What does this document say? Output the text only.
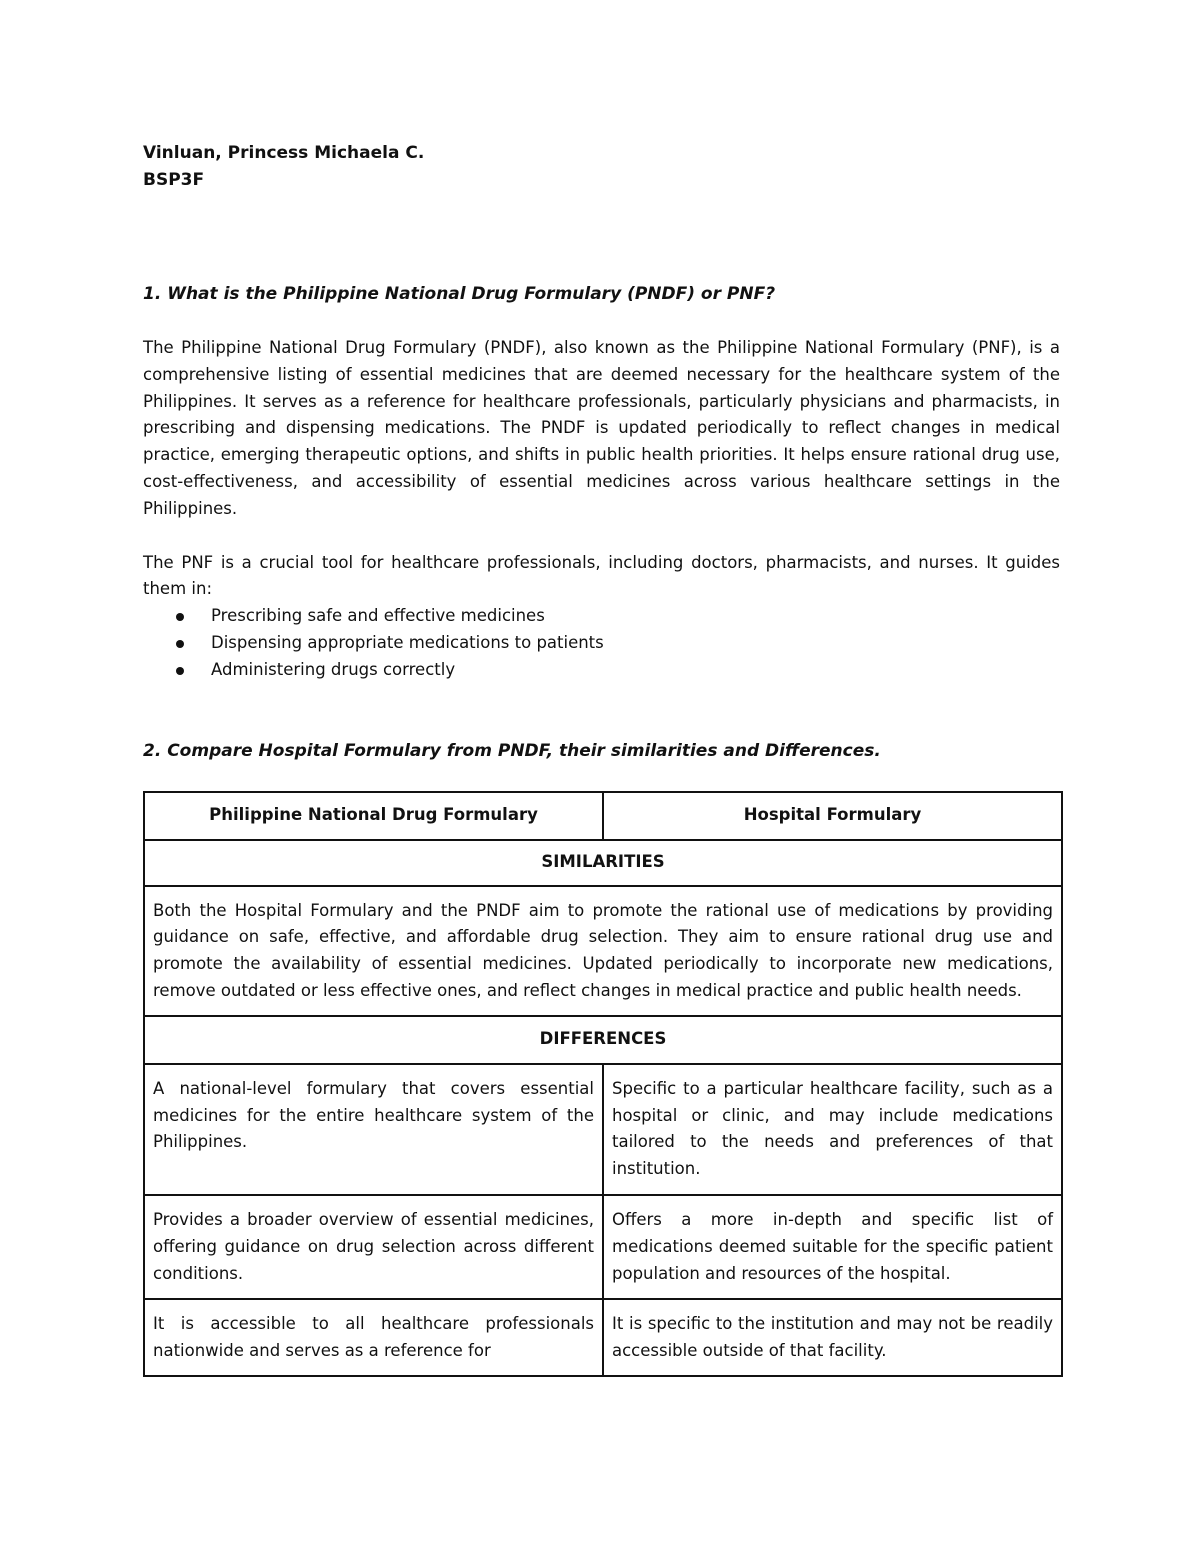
Vinluan, Princess Michaela C.

BSP3F

1. What is the Philippine National Drug Formulary (PNDF) or PNF?

The Philippine National Drug Formulary (PNDF), also known as the Philippine National Formulary (PNF), is a comprehensive listing of essential medicines that are deemed necessary for the healthcare system of the Philippines. It serves as a reference for healthcare professionals, particularly physicians and pharmacists, in prescribing and dispensing medications. The PNDF is updated periodically to reflect changes in medical practice, emerging therapeutic options, and shifts in public health priorities. It helps ensure rational drug use, cost-effectiveness, and accessibility of essential medicines across various healthcare settings in the Philippines.

The PNF is a crucial tool for healthcare professionals, including doctors, pharmacists, and nurses. It guides them in:

Prescribing safe and effective medicines
Dispensing appropriate medications to patients
Administering drugs correctly

2. Compare Hospital Formulary from PNDF, their similarities and Differences.

Philippine National Drug Formulary	Hospital Formulary
SIMILARITIES	
Both the Hospital Formulary and the PNDF aim to promote the rational use of medications by providing guidance on safe, effective, and affordable drug selection. They aim to ensure rational drug use and promote the availability of essential medicines. Updated periodically to incorporate new medications, remove outdated or less effective ones, and reflect changes in medical practice and public health needs.	
DIFFERENCES	
A national-level formulary that covers essential medicines for the entire healthcare system of the Philippines.	Specific to a particular healthcare facility, such as a hospital or clinic, and may include medications tailored to the needs and preferences of that institution.
Provides a broader overview of essential medicines, offering guidance on drug selection across different conditions.	Offers a more in-depth and specific list of medications deemed suitable for the specific patient population and resources of the hospital.
It is accessible to all healthcare professionals nationwide and serves as a reference for	It is specific to the institution and may not be readily accessible outside of that facility.
